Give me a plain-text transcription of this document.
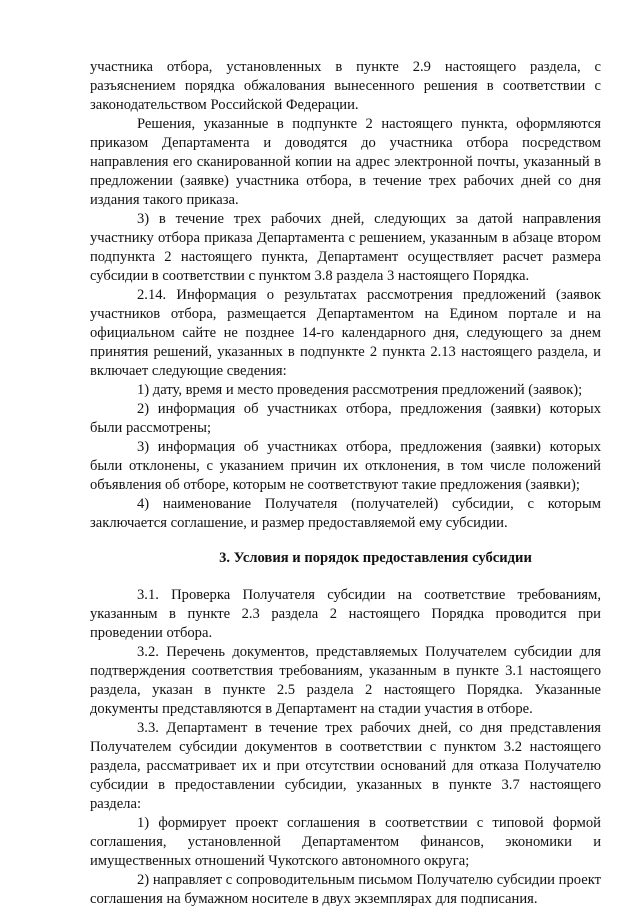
участника отбора, установленных в пункте 2.9 настоящего раздела, с разъяснением порядка обжалования вынесенного решения в соответствии с законодательством Российской Федерации.

Решения, указанные в подпункте 2 настоящего пункта, оформляются приказом Департамента и доводятся до участника отбора посредством направления его сканированной копии на адрес электронной почты, указанный в предложении (заявке) участника отбора, в течение трех рабочих дней со дня издания такого приказа.

3) в течение трех рабочих дней, следующих за датой направления участнику отбора приказа Департамента с решением, указанным в абзаце втором подпункта 2 настоящего пункта, Департамент осуществляет расчет размера субсидии в соответствии с пунктом 3.8 раздела 3 настоящего Порядка.

2.14. Информация о результатах рассмотрения предложений (заявок участников отбора, размещается Департаментом на Едином портале и на официальном сайте не позднее 14-го календарного дня, следующего за днем принятия решений, указанных в подпункте 2 пункта 2.13 настоящего раздела, и включает следующие сведения:

1) дату, время и место проведения рассмотрения предложений (заявок);

2) информация об участниках отбора, предложения (заявки) которых были рассмотрены;

3) информация об участниках отбора, предложения (заявки) которых были отклонены, с указанием причин их отклонения, в том числе положений объявления об отборе, которым не соответствуют такие предложения (заявки);

4) наименование Получателя (получателей) субсидии, с которым заключается соглашение, и размер предоставляемой ему субсидии.

3. Условия и порядок предоставления субсидии

3.1. Проверка Получателя субсидии на соответствие требованиям, указанным в пункте 2.3 раздела 2 настоящего Порядка проводится при проведении отбора.

3.2. Перечень документов, представляемых Получателем субсидии для подтверждения соответствия требованиям, указанным в пункте 3.1 настоящего раздела, указан в пункте 2.5 раздела 2 настоящего Порядка. Указанные документы представляются в Департамент на стадии участия в отборе.

3.3. Департамент в течение трех рабочих дней, со дня представления Получателем субсидии документов в соответствии с пунктом 3.2 настоящего раздела, рассматривает их и при отсутствии оснований для отказа Получателю субсидии в предоставлении субсидии, указанных в пункте 3.7 настоящего раздела:

1) формирует проект соглашения в соответствии с типовой формой соглашения, установленной Департаментом финансов, экономики и имущественных отношений Чукотского автономного округа;

2) направляет с сопроводительным письмом Получателю субсидии проект соглашения на бумажном носителе в двух экземплярах для подписания.
